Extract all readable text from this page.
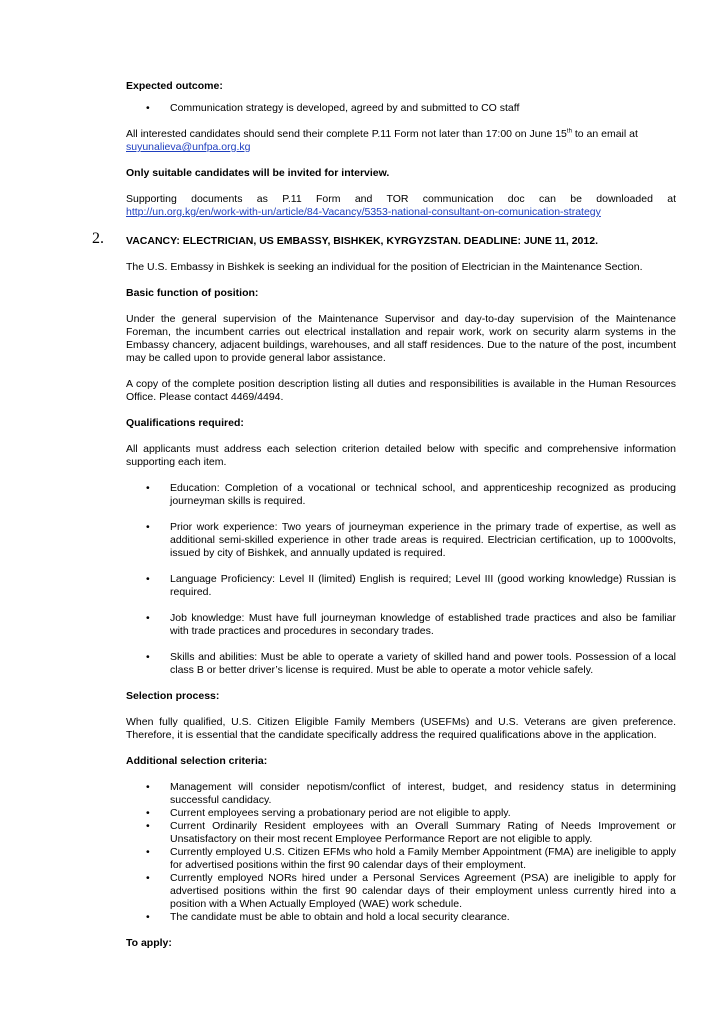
Expected outcome:

• Communication strategy is developed, agreed by and submitted to CO staff

All interested candidates should send their complete P.11 Form not later than 17:00 on June 15th to an email at
suyunalieva@unfpa.org.kg

Only suitable candidates will be invited for interview.

Supporting documents as P.11 Form and TOR communication doc can be downloaded at

http://un.org.kg/en/work-with-un/article/84-Vacancy/5353-national-consultant-on-comunication-strategy

2. VACANCY: ELECTRICIAN, US EMBASSY, BISHKEK, KYRGYZSTAN. DEADLINE: JUNE 11, 2012.

The U.S. Embassy in Bishkek is seeking an individual for the position of Electrician in the Maintenance Section.

Basic function of position:

Under the general supervision of the Maintenance Supervisor and day-to-day supervision of the Maintenance Foreman, the incumbent carries out electrical installation and repair work, work on security alarm systems in the Embassy chancery, adjacent buildings, warehouses, and all staff residences. Due to the nature of the post, incumbent may be called upon to provide general labor assistance.

A copy of the complete position description listing all duties and responsibilities is available in the Human Resources Office. Please contact 4469/4494.

Qualifications required:

All applicants must address each selection criterion detailed below with specific and comprehensive information supporting each item.

• Education: Completion of a vocational or technical school, and apprenticeship recognized as producing journeyman skills is required.
• Prior work experience: Two years of journeyman experience in the primary trade of expertise, as well as additional semi-skilled experience in other trade areas is required. Electrician certification, up to 1000volts, issued by city of Bishkek, and annually updated is required.
• Language Proficiency: Level II (limited) English is required; Level III (good working knowledge) Russian is required.
• Job knowledge: Must have full journeyman knowledge of established trade practices and also be familiar with trade practices and procedures in secondary trades.
• Skills and abilities: Must be able to operate a variety of skilled hand and power tools. Possession of a local class B or better driver’s license is required. Must be able to operate a motor vehicle safely.

Selection process:

When fully qualified, U.S. Citizen Eligible Family Members (USEFMs) and U.S. Veterans are given preference. Therefore, it is essential that the candidate specifically address the required qualifications above in the application.

Additional selection criteria:

• Management will consider nepotism/conflict of interest, budget, and residency status in determining successful candidacy.
• Current employees serving a probationary period are not eligible to apply.
• Current Ordinarily Resident employees with an Overall Summary Rating of Needs Improvement or Unsatisfactory on their most recent Employee Performance Report are not eligible to apply.
• Currently employed U.S. Citizen EFMs who hold a Family Member Appointment (FMA) are ineligible to apply for advertised positions within the first 90 calendar days of their employment.
• Currently employed NORs hired under a Personal Services Agreement (PSA) are ineligible to apply for advertised positions within the first 90 calendar days of their employment unless currently hired into a position with a When Actually Employed (WAE) work schedule.
• The candidate must be able to obtain and hold a local security clearance.

To apply:
